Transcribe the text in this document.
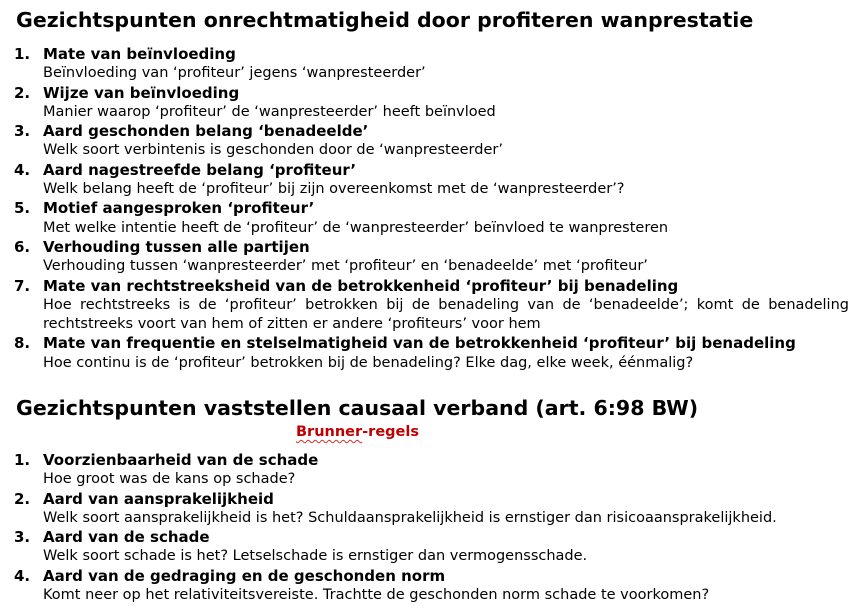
Gezichtspunten onrechtmatigheid door profiteren wanprestatie
1. Mate van beïnvloeding
Beïnvloeding van ‘profiteur’ jegens ‘wanpresteerder’
2. Wijze van beïnvloeding
Manier waarop ‘profiteur’ de ‘wanpresteerder’ heeft beïnvloed
3. Aard geschonden belang ‘benadeelde’
Welk soort verbintenis is geschonden door de ‘wanpresteerder’
4. Aard nagestreefde belang ‘profiteur’
Welk belang heeft de ‘profiteur’ bij zijn overeenkomst met de ‘wanpresteerder’?
5. Motief aangesproken ‘profiteur’
Met welke intentie heeft de ‘profiteur’ de ‘wanpresteerder’ beïnvloed te wanpresteren
6. Verhouding tussen alle partijen
Verhouding tussen ‘wanpresteerder’ met ‘profiteur’ en ‘benadeelde’ met ‘profiteur’
7. Mate van rechtstreeksheid van de betrokkenheid ‘profiteur’ bij benadeling
Hoe rechtstreeks is de ‘profiteur’ betrokken bij de benadeling van de ‘benadeelde’; komt de benadeling rechtstreeks voort van hem of zitten er andere ‘profiteurs’ voor hem
8. Mate van frequentie en stelselmatigheid van de betrokkenheid ‘profiteur’ bij benadeling
Hoe continu is de ‘profiteur’ betrokken bij de benadeling? Elke dag, elke week, éénmalig?
Gezichtspunten vaststellen causaal verband (art. 6:98 BW)
Brunner-regels
1. Voorzienbaarheid van de schade
Hoe groot was de kans op schade?
2. Aard van aansprakelijkheid
Welk soort aansprakelijkheid is het? Schuldaansprakelijkheid is ernstiger dan risicoaansprakelijkheid.
3. Aard van de schade
Welk soort schade is het? Letselschade is ernstiger dan vermogensschade.
4. Aard van de gedraging en de geschonden norm
Komt neer op het relativiteitsvereiste. Trachtte de geschonden norm schade te voorkomen?
